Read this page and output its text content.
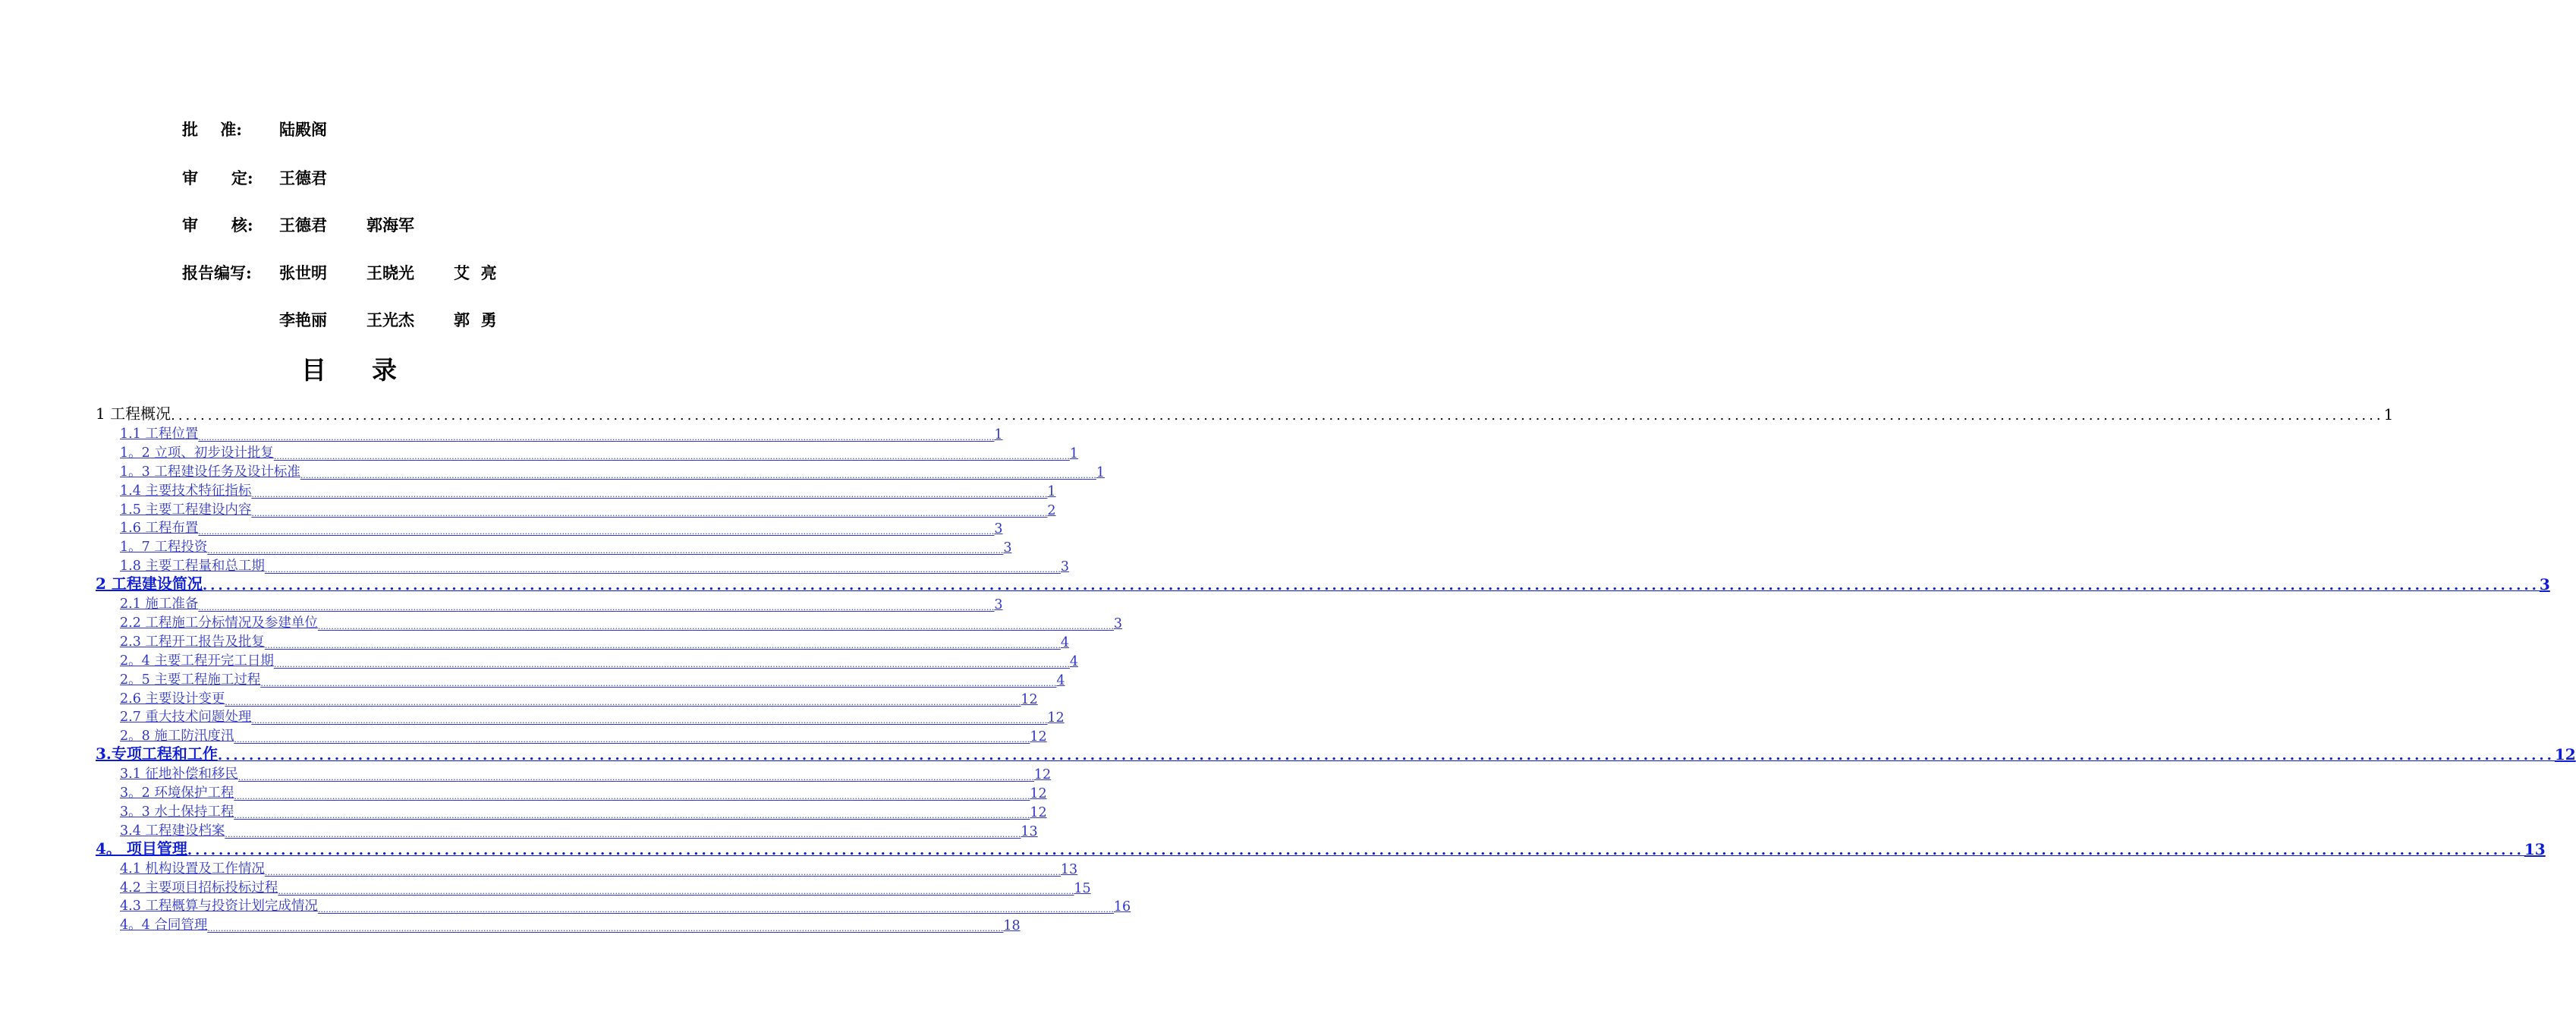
批    准: 陆殿阁
审      定: 王德君
审      核: 王德君 郭海军
报告编写: 张世明 王晓光 艾  亮
李艳丽 王光杰 郭  勇
目录
1 工程概况 ............................................................................................................................................................................................................................................................................................................ 1
1.1 工程位置 ............................................................................................................................................................................................................................................................................................................ 1
1。2 立项、初步设计批复 ............................................................................................................................................................................................................................................................................................................ 1
1。3 工程建设任务及设计标准 ............................................................................................................................................................................................................................................................................................................ 1
1.4 主要技术特征指标 ............................................................................................................................................................................................................................................................................................................ 1
1.5 主要工程建设内容 ............................................................................................................................................................................................................................................................................................................ 2
1.6 工程布置 ............................................................................................................................................................................................................................................................................................................ 3
1。7 工程投资 ............................................................................................................................................................................................................................................................................................................ 3
1.8 主要工程量和总工期 ............................................................................................................................................................................................................................................................................................................ 3
2 工程建设简况 ............................................................................................................................................................................................................................................................................................................ 3
2.1 施工准备 ............................................................................................................................................................................................................................................................................................................ 3
2.2 工程施工分标情况及参建单位 ............................................................................................................................................................................................................................................................................................................ 3
2.3 工程开工报告及批复 ............................................................................................................................................................................................................................................................................................................ 4
2。4 主要工程开完工日期 ............................................................................................................................................................................................................................................................................................................ 4
2。5 主要工程施工过程 ............................................................................................................................................................................................................................................................................................................ 4
2.6 主要设计变更 ............................................................................................................................................................................................................................................................................................................ 12
2.7 重大技术问题处理 ............................................................................................................................................................................................................................................................................................................ 12
2。8 施工防汛度汛 ............................................................................................................................................................................................................................................................................................................ 12
3.专项工程和工作 ............................................................................................................................................................................................................................................................................................................ 12
3.1 征地补偿和移民 ............................................................................................................................................................................................................................................................................................................ 12
3。2 环境保护工程 ............................................................................................................................................................................................................................................................................................................ 12
3。3 水土保持工程 ............................................................................................................................................................................................................................................................................................................ 12
3.4 工程建设档案 ............................................................................................................................................................................................................................................................................................................ 13
4。 项目管理 ............................................................................................................................................................................................................................................................................................................ 13
4.1 机构设置及工作情况 ............................................................................................................................................................................................................................................................................................................ 13
4.2 主要项目招标投标过程 ............................................................................................................................................................................................................................................................................................................ 15
4.3 工程概算与投资计划完成情况 ............................................................................................................................................................................................................................................................................................................ 16
4。4 合同管理 ............................................................................................................................................................................................................................................................................................................ 18
